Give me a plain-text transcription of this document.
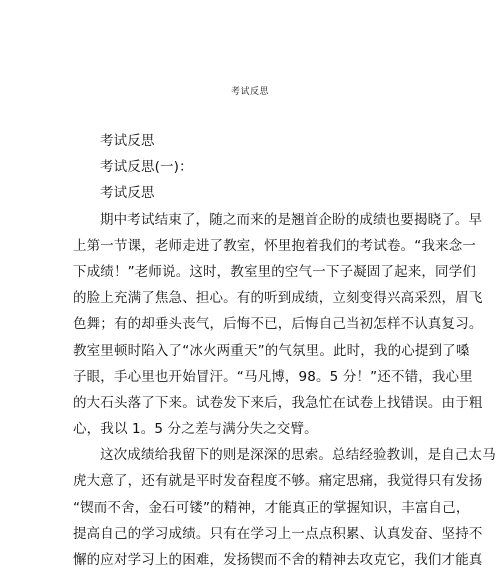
考试反思
考试反思
考试反思(一)：
考试反思
期中考试结束了，随之而来的是翘首企盼的成绩也要揭晓了。早
上第一节课，老师走进了教室，怀里抱着我们的考试卷。“我来念一
下成绩！”老师说。这时，教室里的空气一下子凝固了起来，同学们
的脸上充满了焦急、担心。有的听到成绩，立刻变得兴高采烈，眉飞
色舞；有的却垂头丧气，后悔不已，后悔自己当初怎样不认真复习。
教室里顿时陷入了“冰火两重天”的气氛里。此时，我的心提到了嗓
子眼，手心里也开始冒汗。“马凡博，98。5 分！”还不错，我心里
的大石头落了下来。试卷发下来后，我急忙在试卷上找错误。由于粗
心，我以 1。5 分之差与满分失之交臂。
这次成绩给我留下的则是深深的思索。总结经验教训，是自己太马
虎大意了，还有就是平时发奋程度不够。痛定思痛，我觉得只有发扬
“锲而不舍，金石可镂”的精神，才能真正的掌握知识，丰富自己，
提高自己的学习成绩。只有在学习上一点点积累、认真发奋、坚持不
懈的应对学习上的困难，发扬锲而不舍的精神去攻克它，我们才能真
